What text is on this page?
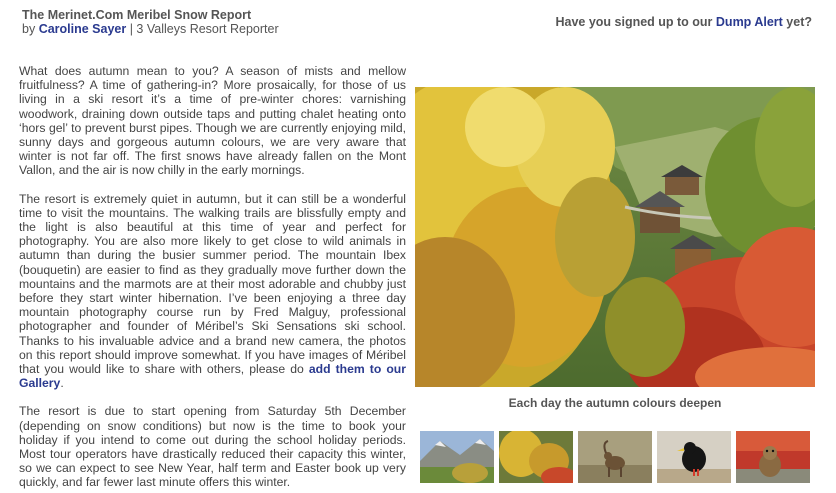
The Merinet.Com Meribel Snow Report
by Caroline Sayer | 3 Valleys Resort Reporter	Have you signed up to our Dump Alert yet?

What does autumn mean to you? A season of mists and mellow fruitfulness? A time of gathering-in? More prosaically, for those of us living in a ski resort it’s a time of pre-winter chores: varnishing woodwork, draining down outside taps and putting chalet heating onto ‘hors gel’ to prevent burst pipes. Though we are currently enjoying mild, sunny days and gorgeous autumn colours, we are very aware that winter is not far off. The first snows have already fallen on the Mont Vallon, and the air is now chilly in the early mornings.

The resort is extremely quiet in autumn, but it can still be a wonderful time to visit the mountains. The walking trails are blissfully empty and the light is also beautiful at this time of year and perfect for photography. You are also more likely to get close to wild animals in autumn than during the busier summer period. The mountain Ibex (bouquetin) are easier to find as they gradually move further down the mountains and the marmots are at their most adorable and chubby just before they start winter hibernation. I’ve been enjoying a three day mountain photography course run by Fred Malguy, professional photographer and founder of Méribel’s Ski Sensations ski school. Thanks to his invaluable advice and a brand new camera, the photos on this report should improve somewhat. If you have images of Méribel that you would like to share with others, please do add them to our Gallery.

The resort is due to start opening from Saturday 5th December (depending on snow conditions) but now is the time to book your holiday if you intend to come out during the school holiday periods. Most tour operators have drastically reduced their capacity this winter, so we can expect to see New Year, half term and Easter book up very quickly, and far fewer last minute offers this winter.

Each day the autumn colours deepen
